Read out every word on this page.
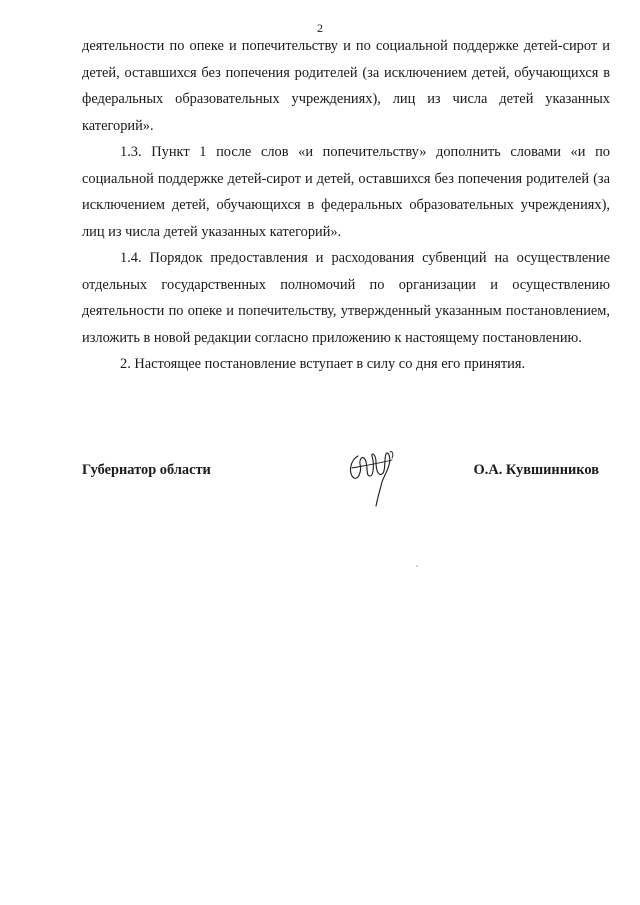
2

деятельности по опеке и попечительству и по социальной поддержке детей-сирот и детей, оставшихся без попечения родителей (за исключением детей, обучающихся в федеральных образовательных учреждениях), лиц из числа детей указанных категорий».

1.3. Пункт 1 после слов «и попечительству» дополнить словами «и по социальной поддержке детей-сирот и детей, оставшихся без попечения родителей (за исключением детей, обучающихся в федеральных образовательных учреждениях), лиц из числа детей указанных категорий».

1.4. Порядок предоставления и расходования субвенций на осуществление отдельных государственных полномочий по организации и осуществлению деятельности по опеке и попечительству, утвержденный указанным постановлением, изложить в новой редакции согласно приложению к настоящему постановлению.

2. Настоящее постановление вступает в силу со дня его принятия.

Губернатор области	О.А. Кувшинников
